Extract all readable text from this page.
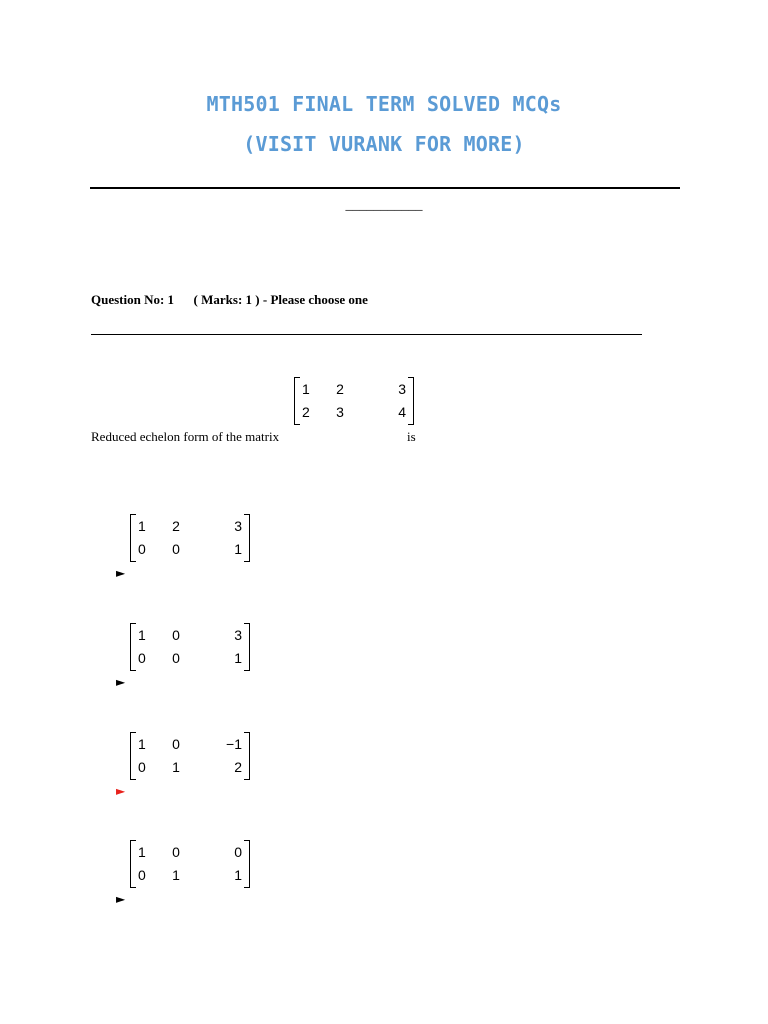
MTH501 FINAL TERM SOLVED MCQs
(VISIT VURANK FOR MORE)
___________
Question No: 1      ( Marks: 1 ) - Please choose one
1 2	3
2 3	4
Reduced echelon form of the matrix	is
1 2	3
0 0	1
►
1 0	3
0 0	1
►
1 0	−1
0 1	2
►
1 0	0
0 1	1
►
